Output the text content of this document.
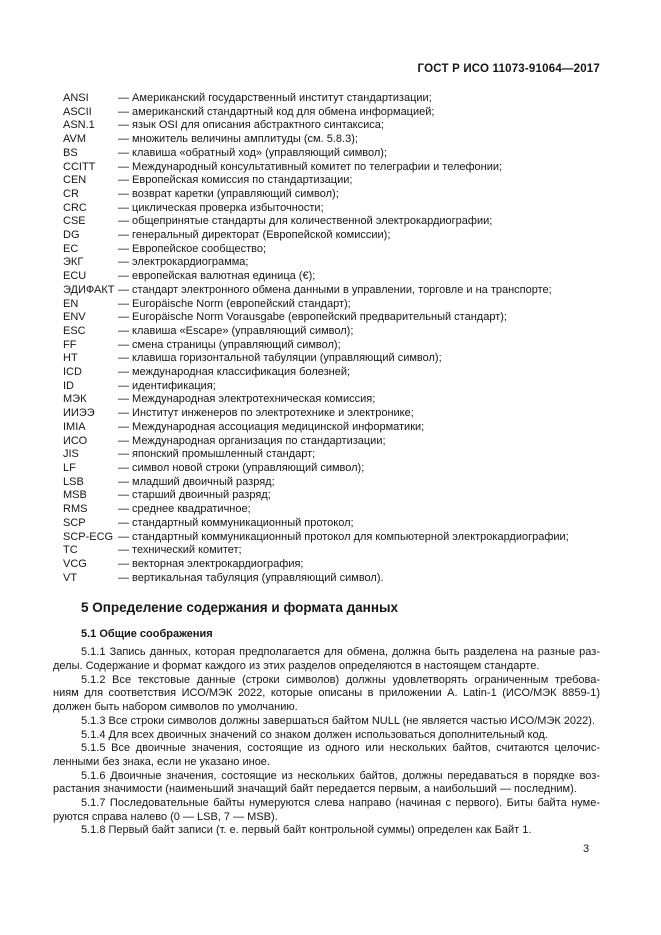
ГОСТ Р ИСО 11073-91064—2017
ANSI	— Американский государственный институт стандартизации;
ASCII	— американский стандартный код для обмена информацией;
ASN.1	— язык OSI для описания абстрактного синтаксиса;
AVM	— множитель величины амплитуды (см. 5.8.3);
BS	— клавиша «обратный ход» (управляющий символ);
CCITT	— Международный консультативный комитет по телеграфии и телефонии;
CEN	— Европейская комиссия по стандартизации;
CR	— возврат каретки (управляющий символ);
CRC	— циклическая проверка избыточности;
CSE	— общепринятые стандарты для количественной электрокардиографии;
DG	— генеральный директорат (Европейской комиссии);
EC	— Европейское сообщество;
ЭКГ	— электрокардиограмма;
ECU	— европейская валютная единица (€);
ЭДИФАКТ — стандарт электронного обмена данными в управлении, торговле и на транспорте;
EN	— Europäische Norm (европейский стандарт);
ENV	— Europäische Norm Vorausgabe (европейский предварительный стандарт);
ESC	— клавиша «Escape» (управляющий символ);
FF	— смена страницы (управляющий символ);
HT	— клавиша горизонтальной табуляции (управляющий символ);
ICD	— международная классификация болезней;
ID	— идентификация;
МЭК	— Международная электротехническая комиссия;
ИИЭЭ	— Институт инженеров по электротехнике и электронике;
IMIA	— Международная ассоциация медицинской информатики;
ИСО	— Международная организация по стандартизации;
JIS	— японский промышленный стандарт;
LF	— символ новой строки (управляющий символ);
LSB	— младший двоичный разряд;
MSB	— старший двоичный разряд;
RMS	— среднее квадратичное;
SCP	— стандартный коммуникационный протокол;
SCP-ECG — стандартный коммуникационный протокол для компьютерной электрокардиографии;
TC	— технический комитет;
VCG	— векторная электрокардиография;
VT	— вертикальная табуляция (управляющий символ).
5 Определение содержания и формата данных
5.1 Общие соображения
5.1.1 Запись данных, которая предполагается для обмена, должна быть разделена на разные раз-
делы. Содержание и формат каждого из этих разделов определяются в настоящем стандарте.
5.1.2 Все текстовые данные (строки символов) должны удовлетворять ограниченным требова-
ниям для соответствия ИСО/МЭК 2022, которые описаны в приложении А. Latin-1 (ИСО/МЭК 8859-1)
должен быть набором символов по умолчанию.
5.1.3 Все строки символов должны завершаться байтом NULL (не является частью ИСО/МЭК 2022).
5.1.4 Для всех двоичных значений со знаком должен использоваться дополнительный код.
5.1.5 Все двоичные значения, состоящие из одного или нескольких байтов, считаются целочис-
ленными без знака, если не указано иное.
5.1.6 Двоичные значения, состоящие из нескольких байтов, должны передаваться в порядке воз-
растания значимости (наименьший значащий байт передается первым, а наибольший — последним).
5.1.7 Последовательные байты нумеруются слева направо (начиная с первого). Биты байта нуме-
руются справа налево (0 — LSB, 7 — MSB).
5.1.8 Первый байт записи (т. е. первый байт контрольной суммы) определен как Байт 1.
3
